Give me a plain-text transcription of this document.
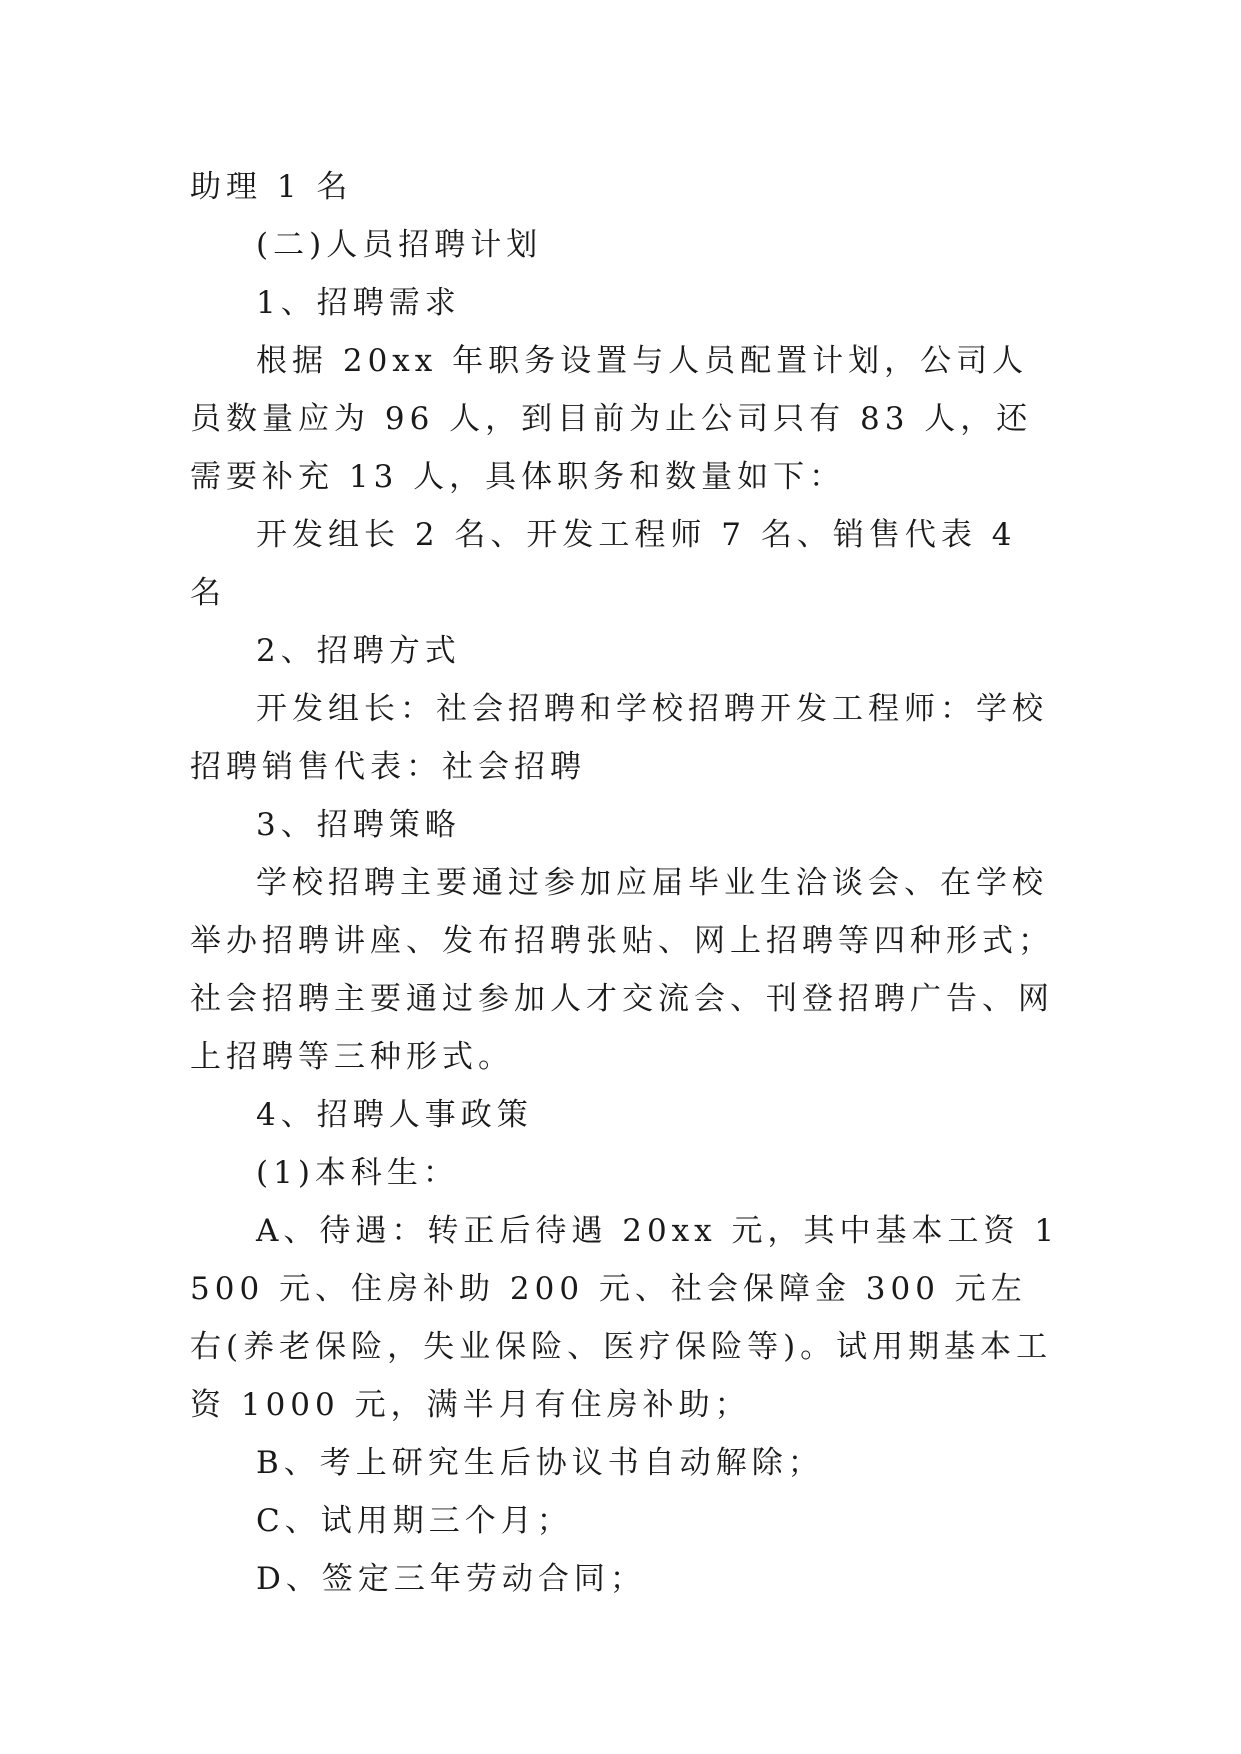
助理 1 名

(二)人员招聘计划

1、招聘需求

根据 20xx 年职务设置与人员配置计划，公司人员数量应为 96 人，到目前为止公司只有 83 人，还需要补充 13 人，具体职务和数量如下：

开发组长 2 名、开发工程师 7 名、销售代表 4 名

2、招聘方式

开发组长：社会招聘和学校招聘开发工程师：学校招聘销售代表：社会招聘

3、招聘策略

学校招聘主要通过参加应届毕业生洽谈会、在学校举办招聘讲座、发布招聘张贴、网上招聘等四种形式；社会招聘主要通过参加人才交流会、刊登招聘广告、网上招聘等三种形式。

4、招聘人事政策

(1)本科生：

A、待遇：转正后待遇 20xx 元，其中基本工资 1500 元、住房补助 200 元、社会保障金 300 元左右(养老保险，失业保险、医疗保险等)。试用期基本工资 1000 元，满半月有住房补助；

B、考上研究生后协议书自动解除；

C、试用期三个月；

D、签定三年劳动合同；
